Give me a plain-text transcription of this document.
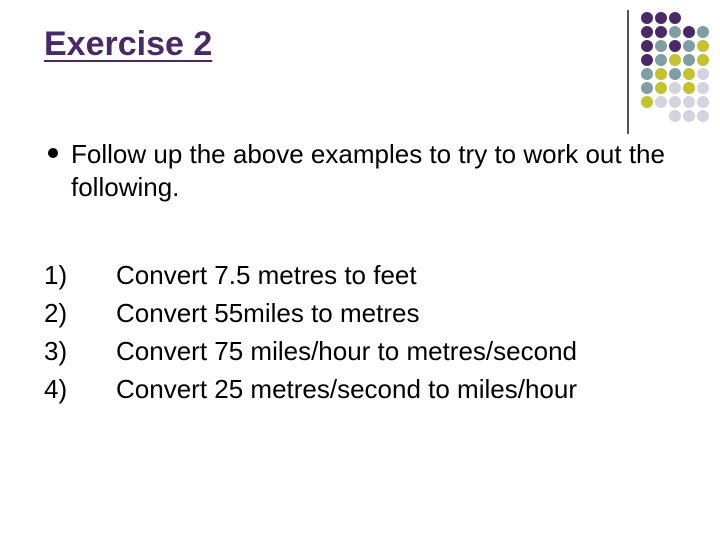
Exercise 2
Follow up the above examples to try to work out the following.
1) Convert 7.5 metres to feet
2) Convert 55miles to metres
3) Convert 75 miles/hour to metres/second
4) Convert 25 metres/second to miles/hour
